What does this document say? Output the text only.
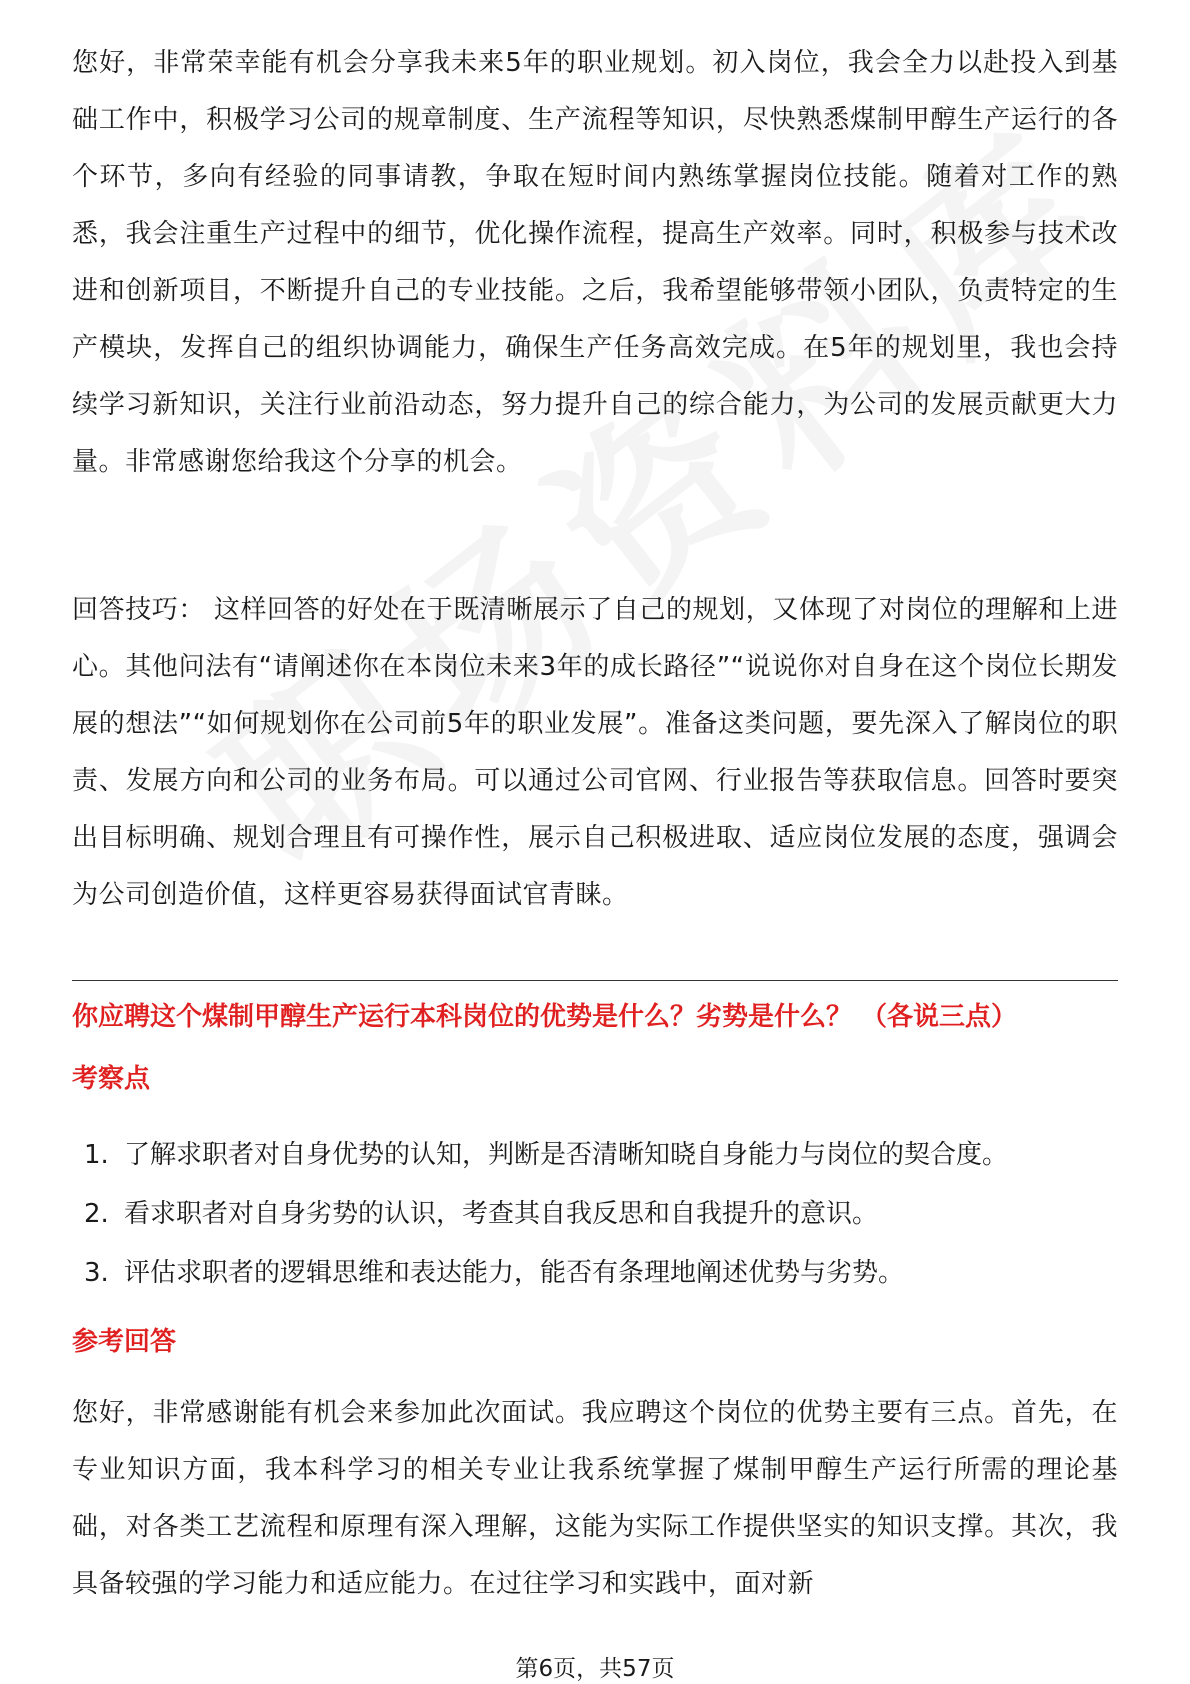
您好，非常荣幸能有机会分享我未来5年的职业规划。初入岗位，我会全力以赴投入到基础工作中，积极学习公司的规章制度、生产流程等知识，尽快熟悉煤制甲醇生产运行的各个环节，多向有经验的同事请教，争取在短时间内熟练掌握岗位技能。随着对工作的熟悉，我会注重生产过程中的细节，优化操作流程，提高生产效率。同时，积极参与技术改进和创新项目，不断提升自己的专业技能。之后，我希望能够带领小团队，负责特定的生产模块，发挥自己的组织协调能力，确保生产任务高效完成。在5年的规划里，我也会持续学习新知识，关注行业前沿动态，努力提升自己的综合能力，为公司的发展贡献更大力量。非常感谢您给我这个分享的机会。

回答技巧： 这样回答的好处在于既清晰展示了自己的规划，又体现了对岗位的理解和上进心。其他问法有“请阐述你在本岗位未来3年的成长路径”“说说你对自身在这个岗位长期发展的想法”“如何规划你在公司前5年的职业发展”。准备这类问题，要先深入了解岗位的职责、发展方向和公司的业务布局。可以通过公司官网、行业报告等获取信息。回答时要突出目标明确、规划合理且有可操作性，展示自己积极进取、适应岗位发展的态度，强调会为公司创造价值，这样更容易获得面试官青睐。

你应聘这个煤制甲醇生产运行本科岗位的优势是什么？劣势是什么？ （各说三点）

考察点

1. 了解求职者对自身优势的认知，判断是否清晰知晓自身能力与岗位的契合度。
2. 看求职者对自身劣势的认识，考查其自我反思和自我提升的意识。
3. 评估求职者的逻辑思维和表达能力，能否有条理地阐述优势与劣势。

参考回答

您好，非常感谢能有机会来参加此次面试。我应聘这个岗位的优势主要有三点。首先，在专业知识方面，我本科学习的相关专业让我系统掌握了煤制甲醇生产运行所需的理论基础，对各类工艺流程和原理有深入理解，这能为实际工作提供坚实的知识支撑。其次，我具备较强的学习能力和适应能力。在过往学习和实践中，面对新

第6页，共57页
